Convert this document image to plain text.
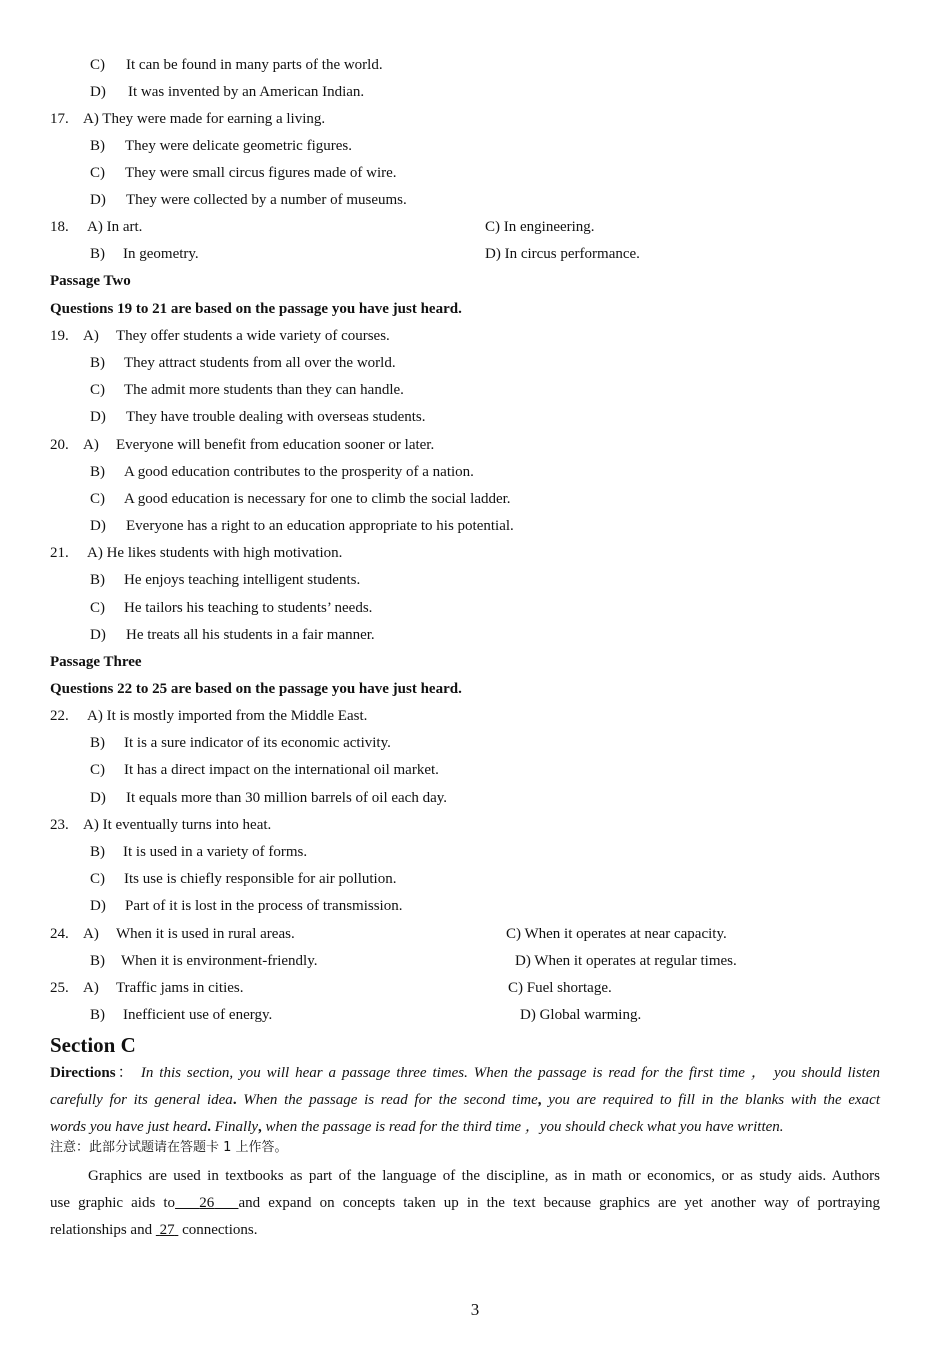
C) It can be found in many parts of the world.
D) It was invented by an American Indian.
17. A) They were made for earning a living.
B) They were delicate geometric figures.
C) They were small circus figures made of wire.
D) They were collected by a number of museums.
18. A) In art.	C) In engineering.
B) In geometry.	D) In circus performance.
Passage Two
Questions 19 to 21 are based on the passage you have just heard.
19. A) They offer students a wide variety of courses.
B) They attract students from all over the world.
C) The admit more students than they can handle.
D) They have trouble dealing with overseas students.
20. A) Everyone will benefit from education sooner or later.
B) A good education contributes to the prosperity of a nation.
C) A good education is necessary for one to climb the social ladder.
D) Everyone has a right to an education appropriate to his potential.
21. A) He likes students with high motivation.
B) He enjoys teaching intelligent students.
C) He tailors his teaching to students’ needs.
D) He treats all his students in a fair manner.
Passage Three
Questions 22 to 25 are based on the passage you have just heard.
22. A) It is mostly imported from the Middle East.
B) It is a sure indicator of its economic activity.
C) It has a direct impact on the international oil market.
D) It equals more than 30 million barrels of oil each day.
23. A) It eventually turns into heat.
B) It is used in a variety of forms.
C) Its use is chiefly responsible for air pollution.
D) Part of it is lost in the process of transmission.
24. A) When it is used in rural areas.	C) When it operates at near capacity.
B) When it is environment-friendly.	D) When it operates at regular times.
25. A) Traffic jams in cities.	C) Fuel shortage.
B) Inefficient use of energy.	D) Global warming.
Section C
Directions： In this section, you will hear a passage three times. When the passage is read for the first time ， you should listen
carefully for its general idea. When the passage is read for the second time, you are required to fill in the blanks with the exact
words you have just heard. Finally, when the passage is read for the third time ，you should check what you have written.
注意：此部分试题请在答题卡 1 上作答。
Graphics are used in textbooks as part of the language of the discipline, as in math or economics, or as study aids. Authors
use graphic aids to 26 and expand on concepts taken up in the text because graphics are yet another way of portraying
relationships and 27 connections.
3
